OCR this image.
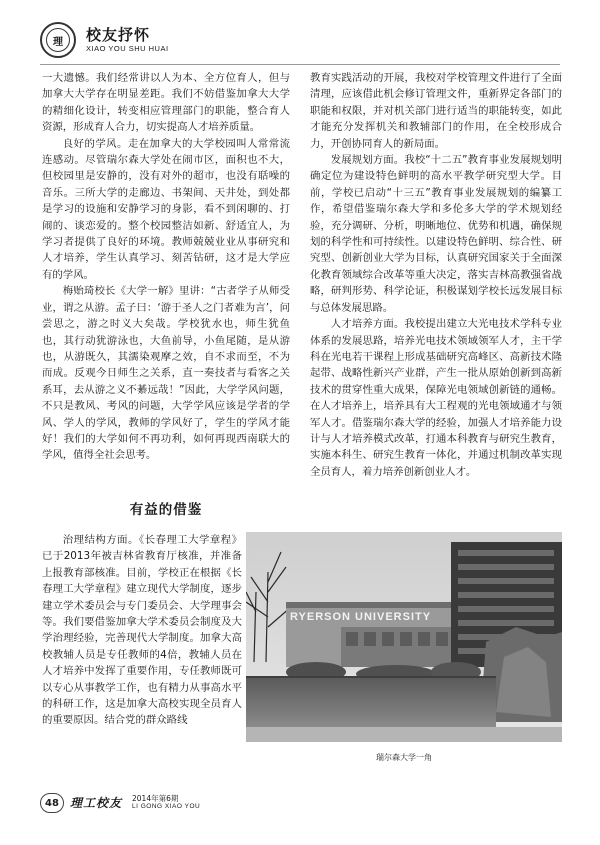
理 校友抒怀
XIAO YOU SHU HUAI

一大遗憾。我们经常讲以人为本、全方位育人，但与加拿大大学存在明显差距。我们不妨借鉴加拿大大学的精细化设计，转变相应管理部门的职能，整合育人资源，形成育人合力，切实提高人才培养质量。

良好的学风。走在加拿大的大学校园叫人常常流连感动。尽管瑞尔森大学处在闹市区，面积也不大，但校园里是安静的，没有对外的超市，也没有聒噪的音乐。三所大学的走廊边、书架间、天井处，到处都是学习的设施和安静学习的身影，看不到闲聊的、打闹的、谈恋爱的。整个校园整洁如新、舒适宜人，为学习者提供了良好的环境。教师兢兢业业从事研究和人才培养，学生认真学习、刻苦钻研，这才是大学应有的学风。

梅贻琦校长《大学一解》里讲：“古者学子从师受业，谓之从游。孟子曰：‘游于圣人之门者难为言’，问尝思之，游之时义大矣哉。学校犹水也，师生犹鱼也，其行动犹游泳也，大鱼前导，小鱼尾随，是从游也，从游既久，其濡染观摩之效，自不求而至，不为而成。反观今日师生之关系，直一奏技者与看客之关系耳，去从游之义不綦远哉！”因此，大学学风问题，不只是教风、考风的问题，大学学风应该是学者的学风、学人的学风，教师的学风好了，学生的学风才能好！我们的大学如何不再功利，如何再现西南联大的学风，值得全社会思考。

有益的借鉴

治理结构方面。《长春理工大学章程》已于2013年被吉林省教育厅核准，并准备上报教育部核准。目前，学校正在根据《长春理工大学章程》建立现代大学制度，逐步建立学术委员会与专门委员会、大学理事会等。我们要借鉴加拿大学术委员会制度及大学治理经验，完善现代大学制度。加拿大高校教辅人员是专任教师的4倍，教辅人员在人才培养中发挥了重要作用，专任教师既可以专心从事教学工作，也有精力从事高水平的科研工作，这是加拿大高校实现全员育人的重要原因。结合党的群众路线

教育实践活动的开展，我校对学校管理文件进行了全面清理，应该借此机会修订管理文件，重新界定各部门的职能和权限，并对机关部门进行适当的职能转变，如此才能充分发挥机关和教辅部门的作用，在全校形成合力，开创协同育人的新局面。

发展规划方面。我校“十二五”教育事业发展规划明确定位为建设特色鲜明的高水平教学研究型大学。目前，学校已启动“十三五”教育事业发展规划的编纂工作，希望借鉴瑞尔森大学和多伦多大学的学术规划经验，充分调研、分析，明晰地位、优势和机遇，确保规划的科学性和可持续性。以建设特色鲜明、综合性、研究型、创新创业大学为目标，认真研究国家关于全面深化教育领域综合改革等重大决定，落实吉林高教强省战略，研判形势、科学论证，积极谋划学校长远发展目标与总体发展思路。

人才培养方面。我校提出建立大光电技术学科专业体系的发展思路，培养光电技术领域领军人才，主干学科在光电若干课程上形成基础研究高峰区、高新技术隆起带、战略性新兴产业群，产生一批从原始创新到高新技术的贯穿性重大成果，保障光电领域创新链的通畅。在人才培养上，培养具有大工程观的光电领域通才与领军人才。借鉴瑞尔森大学的经验，加强人才培养能力设计与人才培养模式改革，打通本科教育与研究生教育，实施本科生、研究生教育一体化，并通过机制改革实现全员育人，着力培养创新创业人才。

RYERSON UNIVERSITY
瑞尔森大学一角
48 理工校友 2014年第6期
LI GONG XIAO YOU
